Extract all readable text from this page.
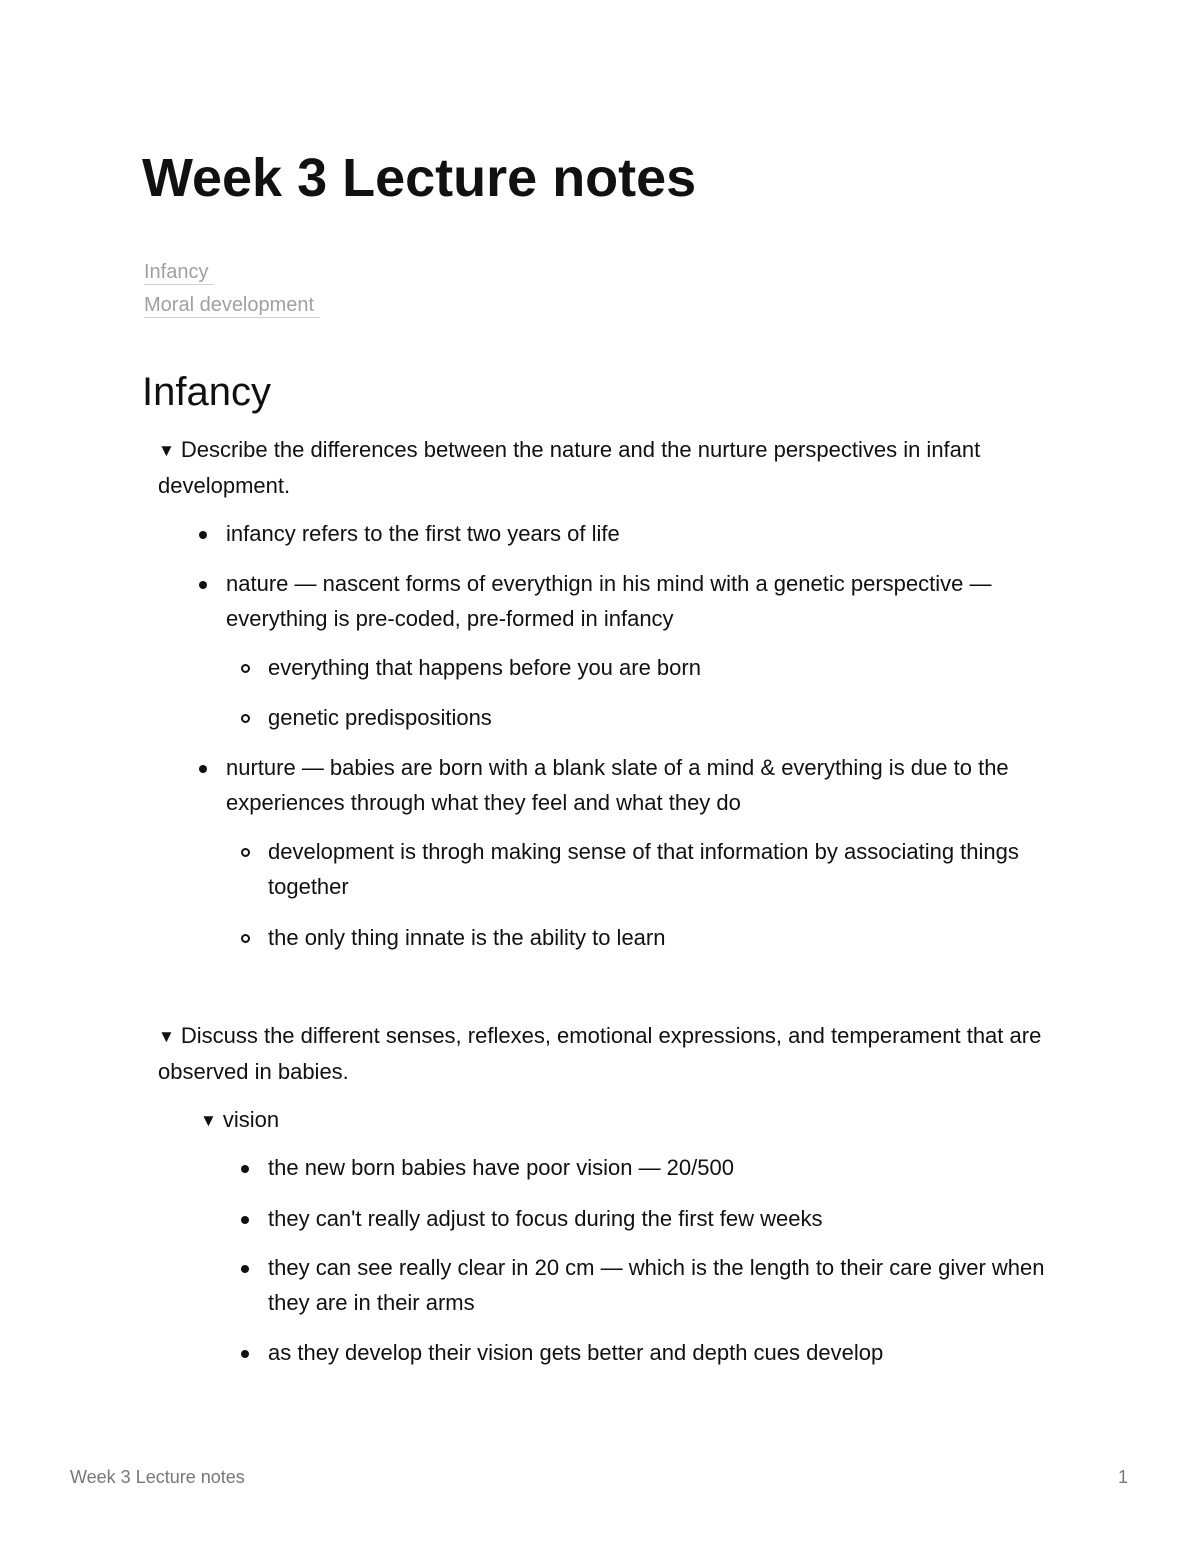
Week 3 Lecture notes
Infancy
Moral development
Infancy
▼ Describe the differences between the nature and the nurture perspectives in infant development.
infancy refers to the first two years of life
nature — nascent forms of everythign in his mind with a genetic perspective — everything is pre-coded, pre-formed in infancy
everything that happens before you are born
genetic predispositions
nurture — babies are born with a blank slate of a mind & everything is due to the experiences through what they feel and what they do
development is throgh making sense of that information by associating things together
the only thing innate is the ability to learn
▼ Discuss the different senses, reflexes, emotional expressions, and temperament that are observed in babies.
▼ vision
the new born babies have poor vision — 20/500
they can't really adjust to focus during the first few weeks
they can see really clear in 20 cm — which is the length to their care giver when they are in their arms
as they develop their vision gets better and depth cues develop
Week 3 Lecture notes	1
